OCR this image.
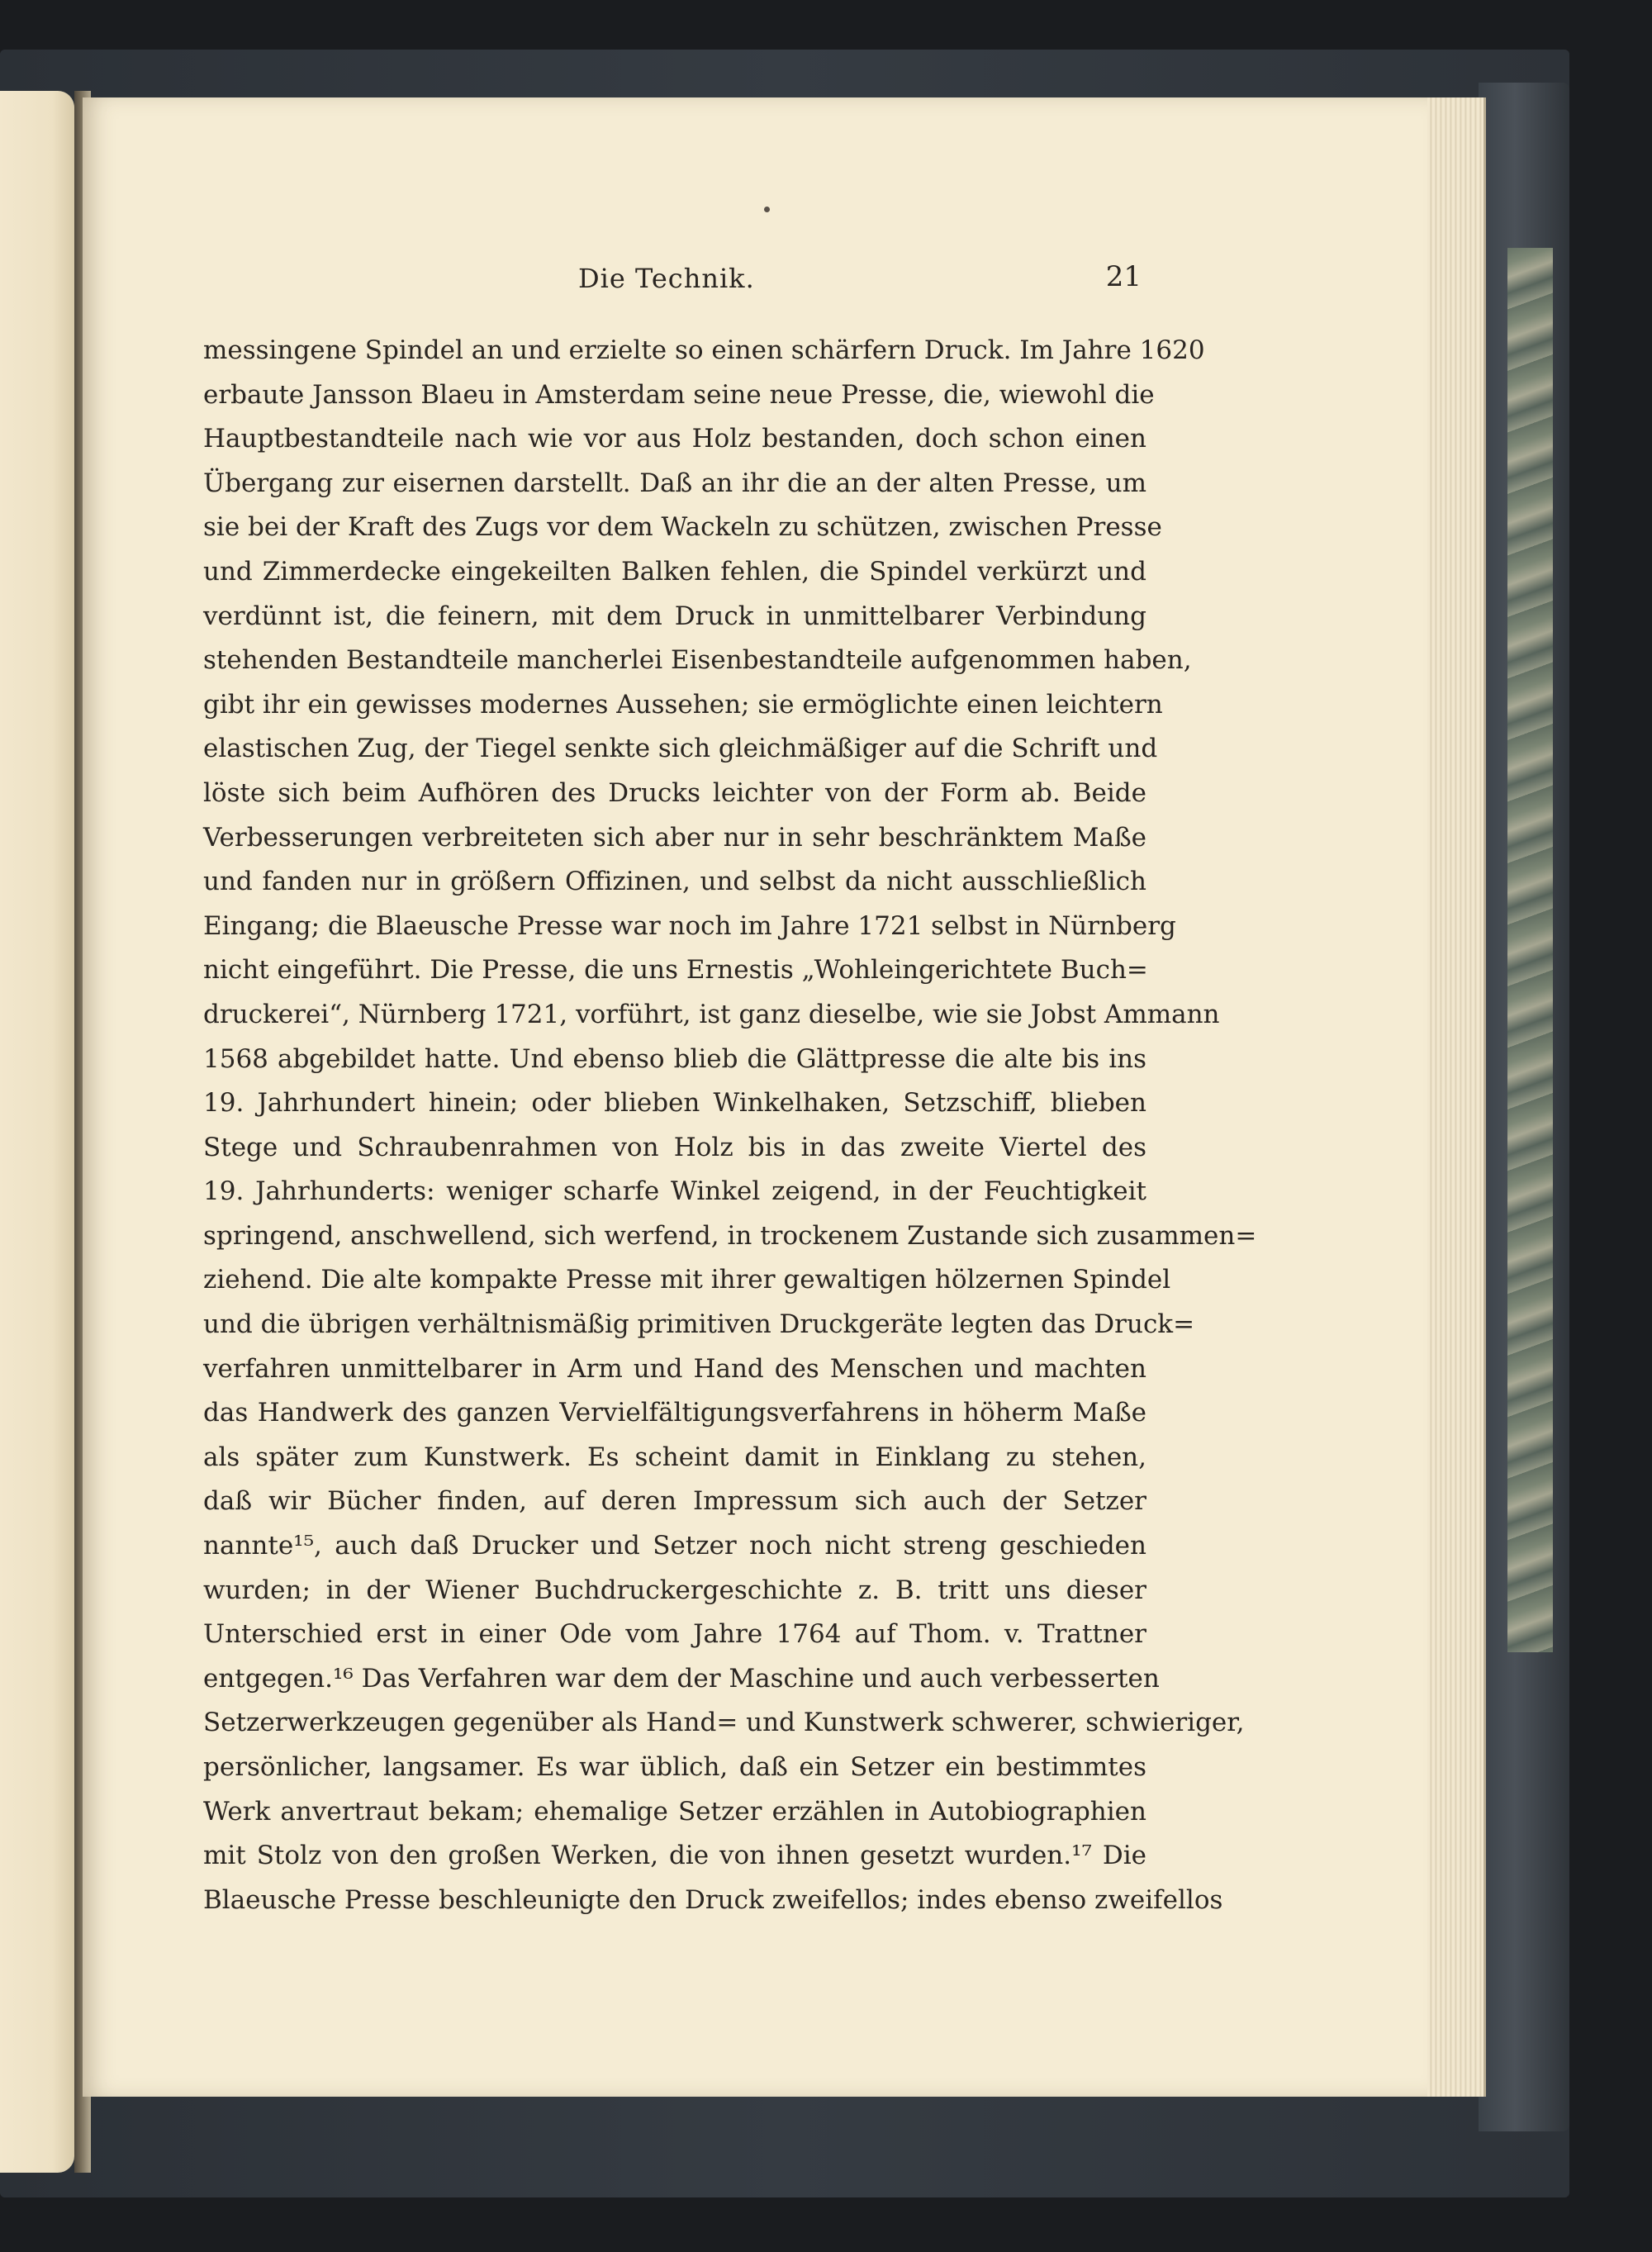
Die Technik.	21
messingene Spindel an und erzielte so einen schärfern Druck. Im Jahre 1620
erbaute Jansson Blaeu in Amsterdam seine neue Presse, die, wiewohl die
Hauptbestandteile nach wie vor aus Holz bestanden, doch schon einen
Übergang zur eisernen darstellt. Daß an ihr die an der alten Presse, um
sie bei der Kraft des Zugs vor dem Wackeln zu schützen, zwischen Presse
und Zimmerdecke eingekeilten Balken fehlen, die Spindel verkürzt und
verdünnt ist, die feinern, mit dem Druck in unmittelbarer Verbindung
stehenden Bestandteile mancherlei Eisenbestandteile aufgenommen haben,
gibt ihr ein gewisses modernes Aussehen; sie ermöglichte einen leichtern
elastischen Zug, der Tiegel senkte sich gleichmäßiger auf die Schrift und
löste sich beim Aufhören des Drucks leichter von der Form ab. Beide
Verbesserungen verbreiteten sich aber nur in sehr beschränktem Maße
und fanden nur in größern Offizinen, und selbst da nicht ausschließlich
Eingang; die Blaeusche Presse war noch im Jahre 1721 selbst in Nürnberg
nicht eingeführt. Die Presse, die uns Ernestis „Wohleingerichtete Buch=
druckerei“, Nürnberg 1721, vorführt, ist ganz dieselbe, wie sie Jobst Ammann
1568 abgebildet hatte. Und ebenso blieb die Glättpresse die alte bis ins
19. Jahrhundert hinein; oder blieben Winkelhaken, Setzschiff, blieben
Stege und Schraubenrahmen von Holz bis in das zweite Viertel des
19. Jahrhunderts: weniger scharfe Winkel zeigend, in der Feuchtigkeit
springend, anschwellend, sich werfend, in trockenem Zustande sich zusammen=
ziehend. Die alte kompakte Presse mit ihrer gewaltigen hölzernen Spindel
und die übrigen verhältnismäßig primitiven Druckgeräte legten das Druck=
verfahren unmittelbarer in Arm und Hand des Menschen und machten
das Handwerk des ganzen Vervielfältigungsverfahrens in höherm Maße
als später zum Kunstwerk. Es scheint damit in Einklang zu stehen,
daß wir Bücher finden, auf deren Impressum sich auch der Setzer
nannte¹⁵, auch daß Drucker und Setzer noch nicht streng geschieden
wurden; in der Wiener Buchdruckergeschichte z. B. tritt uns dieser
Unterschied erst in einer Ode vom Jahre 1764 auf Thom. v. Trattner
entgegen.¹⁶ Das Verfahren war dem der Maschine und auch verbesserten
Setzerwerkzeugen gegenüber als Hand= und Kunstwerk schwerer, schwieriger,
persönlicher, langsamer. Es war üblich, daß ein Setzer ein bestimmtes
Werk anvertraut bekam; ehemalige Setzer erzählen in Autobiographien
mit Stolz von den großen Werken, die von ihnen gesetzt wurden.¹⁷ Die
Blaeusche Presse beschleunigte den Druck zweifellos; indes ebenso zweifellos
